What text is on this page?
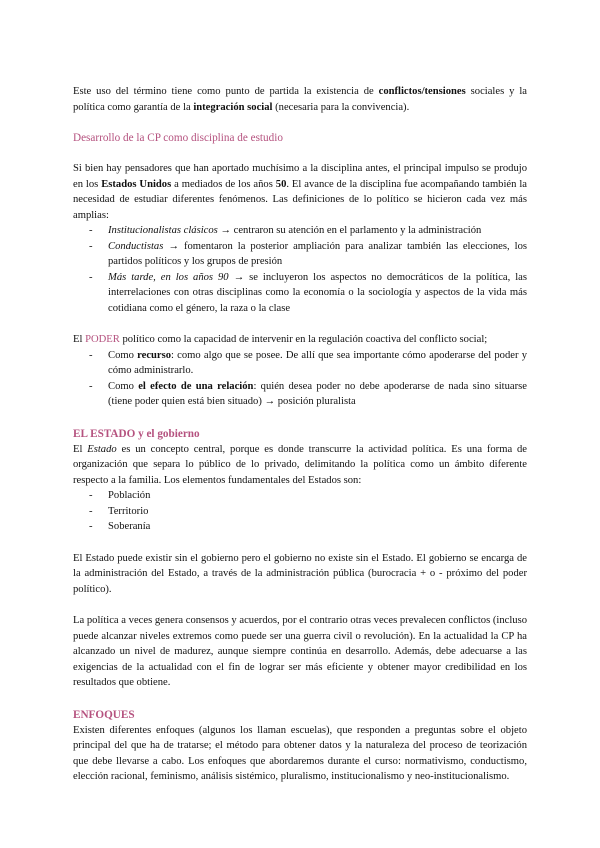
Este uso del término tiene como punto de partida la existencia de conflictos/tensiones sociales y la política como garantía de la integración social (necesaria para la convivencia).

Desarrollo de la CP como disciplina de estudio

Si bien hay pensadores que han aportado muchísimo a la disciplina antes, el principal impulso se produjo en los Estados Unidos a mediados de los años 50. El avance de la disciplina fue acompañando también la necesidad de estudiar diferentes fenómenos. Las definiciones de lo político se hicieron cada vez más amplias:

- Institucionalistas clásicos → centraron su atención en el parlamento y la administración
- Conductistas → fomentaron la posterior ampliación para analizar también las elecciones, los partidos políticos y los grupos de presión
- Más tarde, en los años 90 → se incluyeron los aspectos no democráticos de la política, las interrelaciones con otras disciplinas como la economía o la sociología y aspectos de la vida más cotidiana como el género, la raza o la clase

El PODER político como la capacidad de intervenir en la regulación coactiva del conflicto social;

- Como recurso: como algo que se posee. De allí que sea importante cómo apoderarse del poder y cómo administrarlo.
- Como el efecto de una relación: quién desea poder no debe apoderarse de nada sino situarse (tiene poder quien está bien situado) → posición pluralista
EL ESTADO y el gobierno

El Estado es un concepto central, porque es donde transcurre la actividad política. Es una forma de organización que separa lo público de lo privado, delimitando la política como un ámbito diferente respecto a la familia. Los elementos fundamentales del Estados son:

- Población
- Territorio
- Soberanía

El Estado puede existir sin el gobierno pero el gobierno no existe sin el Estado. El gobierno se encarga de la administración del Estado, a través de la administración pública (burocracia + o - próximo del poder político).

La política a veces genera consensos y acuerdos, por el contrario otras veces prevalecen conflictos (incluso puede alcanzar niveles extremos como puede ser una guerra civil o revolución). En la actualidad la CP ha alcanzado un nivel de madurez, aunque siempre continúa en desarrollo. Además, debe adecuarse a las exigencias de la actualidad con el fin de lograr ser más eficiente y obtener mayor credibilidad en los resultados que obtiene.

ENFOQUES

Existen diferentes enfoques (algunos los llaman escuelas), que responden a preguntas sobre el objeto principal del que ha de tratarse; el método para obtener datos y la naturaleza del proceso de teorización que debe llevarse a cabo. Los enfoques que abordaremos durante el curso: normativismo, conductismo, elección racional, feminismo, análisis sistémico, pluralismo, institucionalismo y neo-institucionalismo.
